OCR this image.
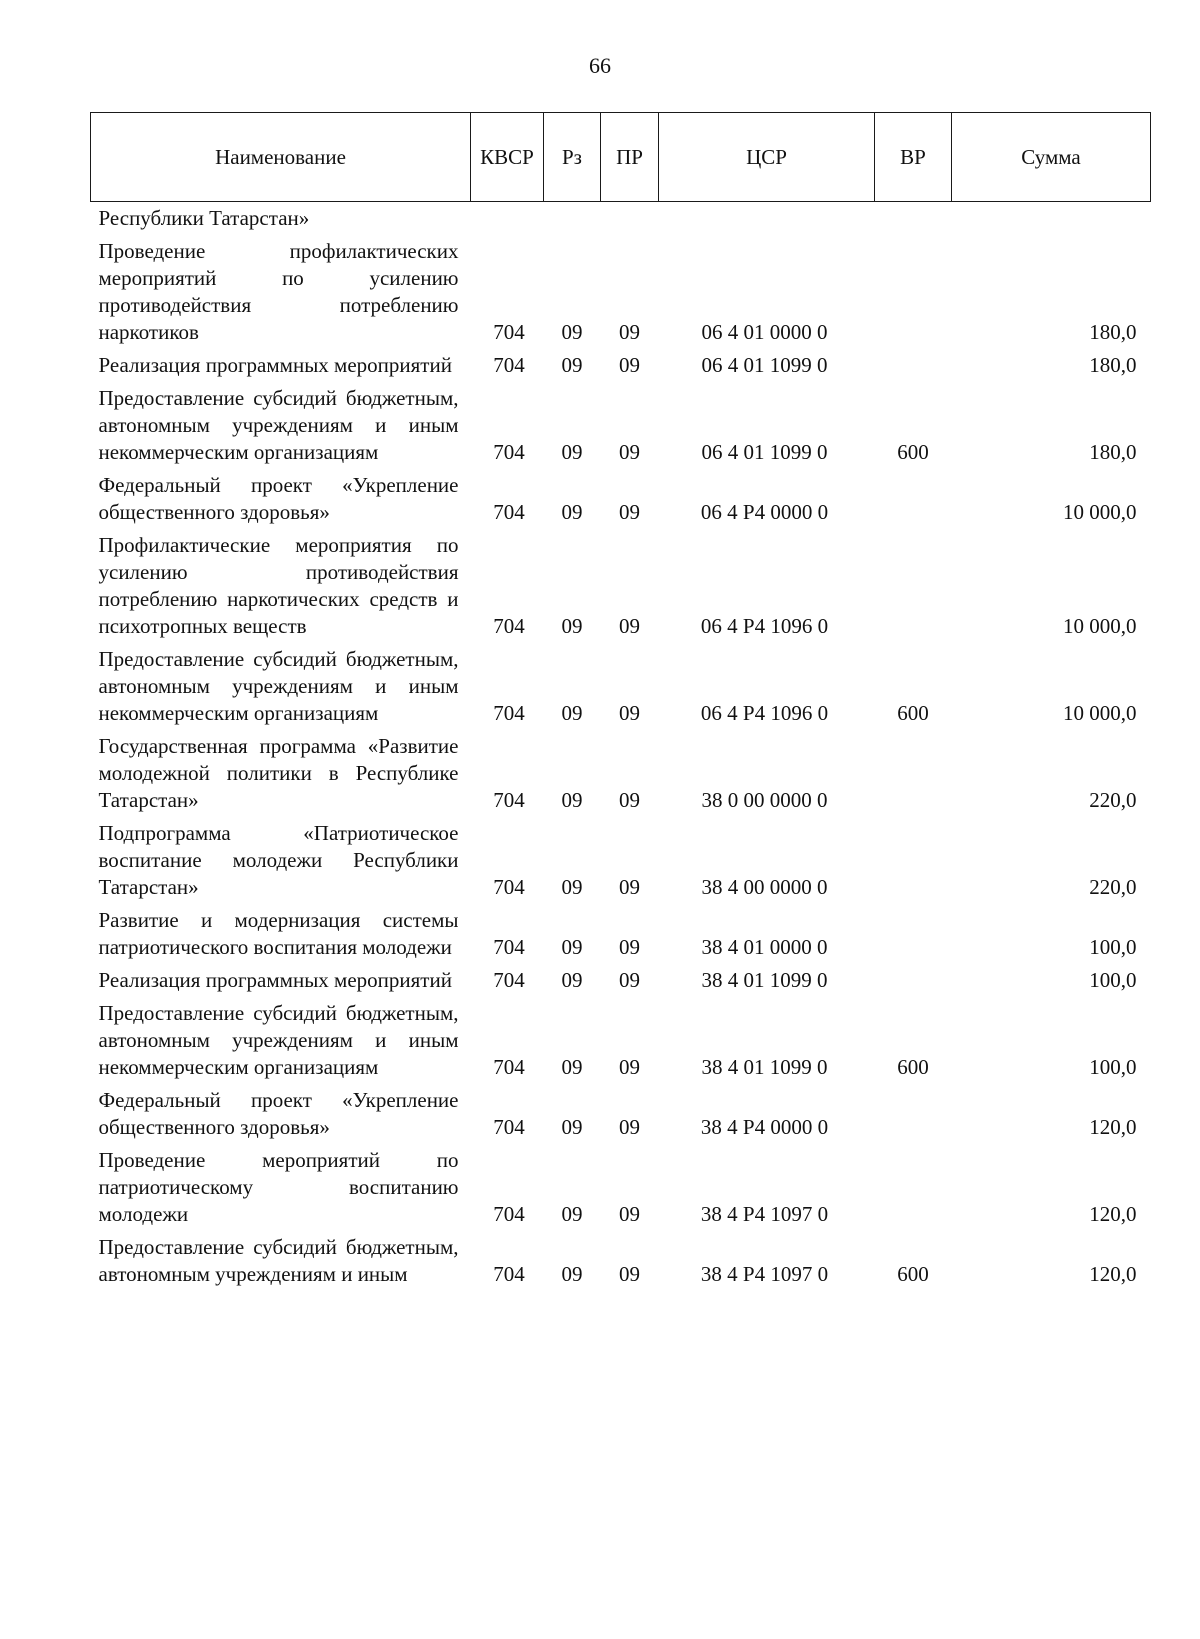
66
Наименование	КВСР	Рз	ПР	ЦСР	ВР	Сумма
Республики Татарстан»						
Проведение профилактических мероприятий по усилению противодействия потреблению наркотиков	704	09	09	06 4 01 0000 0		180,0
Реализация программных мероприятий	704	09	09	06 4 01 1099 0		180,0
Предоставление субсидий бюджетным, автономным учреждениям и иным некоммерческим организациям	704	09	09	06 4 01 1099 0	600	180,0
Федеральный проект «Укрепление общественного здоровья»	704	09	09	06 4 P4 0000 0		10 000,0
Профилактические мероприятия по усилению противодействия потреблению наркотических средств и психотропных веществ	704	09	09	06 4 P4 1096 0		10 000,0
Предоставление субсидий бюджетным, автономным учреждениям и иным некоммерческим организациям	704	09	09	06 4 P4 1096 0	600	10 000,0
Государственная программа «Развитие молодежной политики в Республике Татарстан»	704	09	09	38 0 00 0000 0		220,0
Подпрограмма «Патриотическое воспитание молодежи Республики Татарстан»	704	09	09	38 4 00 0000 0		220,0
Развитие и модернизация системы патриотического воспитания молодежи	704	09	09	38 4 01 0000 0		100,0
Реализация программных мероприятий	704	09	09	38 4 01 1099 0		100,0
Предоставление субсидий бюджетным, автономным учреждениям и иным некоммерческим организациям	704	09	09	38 4 01 1099 0	600	100,0
Федеральный проект «Укрепление общественного здоровья»	704	09	09	38 4 P4 0000 0		120,0
Проведение мероприятий по патриотическому воспитанию молодежи	704	09	09	38 4 P4 1097 0		120,0
Предоставление субсидий бюджетным, автономным учреждениям и иным	704	09	09	38 4 P4 1097 0	600	120,0
